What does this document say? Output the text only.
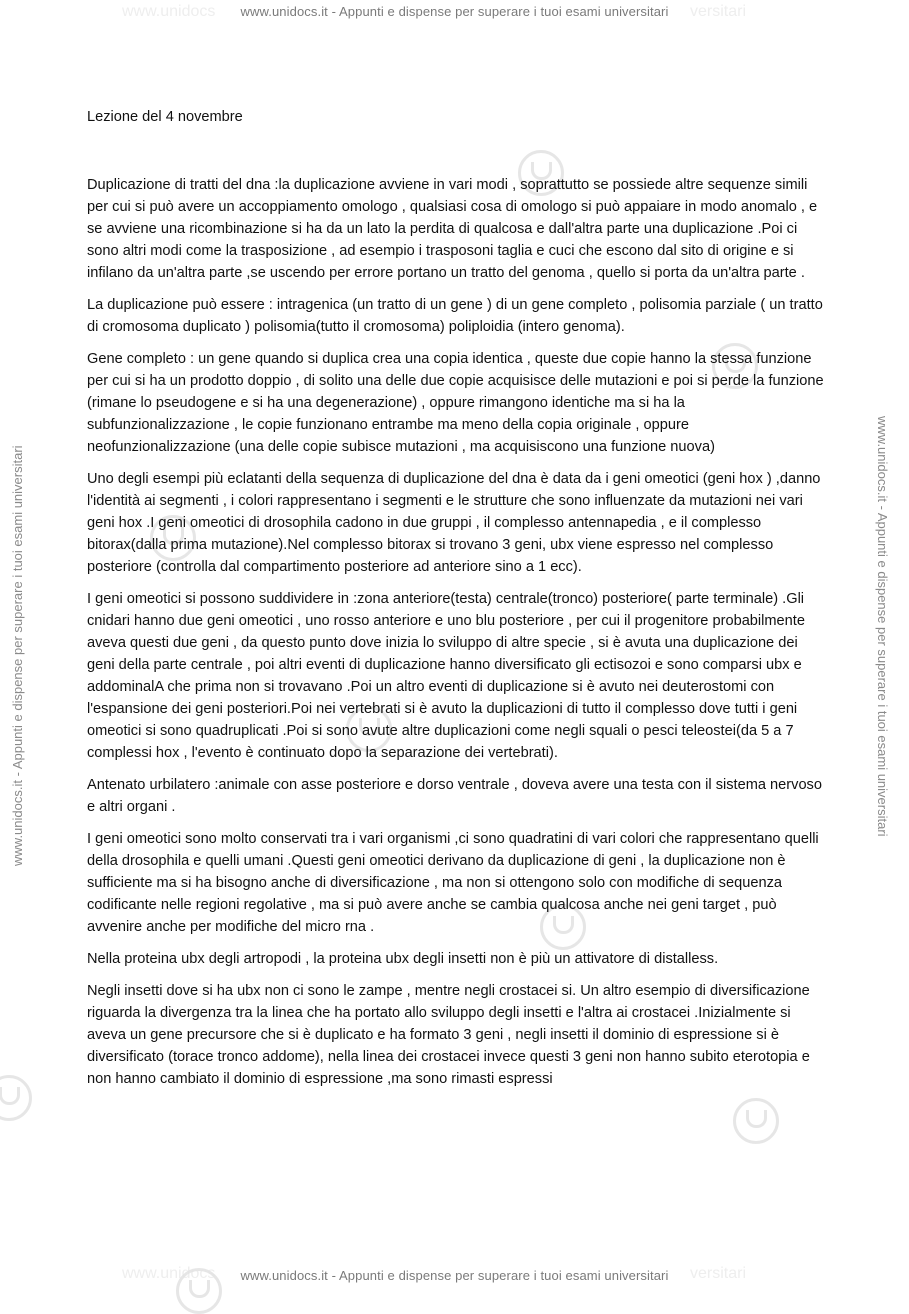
www.unidocs	versitari
www.unidocs	versitari
www.unidocs.it - Appunti e dispense per superare i tuoi esami universitari
www.unidocs.it - Appunti e dispense per superare i tuoi esami universitari	www.unidocs.it - Appunti e dispense per superare i tuoi esami universitari

Lezione del 4 novembre

Duplicazione di tratti del dna :la duplicazione avviene in vari modi , soprattutto se possiede altre sequenze simili per cui si può avere un accoppiamento omologo , qualsiasi cosa di omologo si può appaiare in modo anomalo , e se avviene una ricombinazione si ha da un lato la perdita di qualcosa e dall'altra parte una duplicazione .Poi ci sono altri modi come la trasposizione , ad esempio i trasposoni taglia e cuci che escono dal sito di origine e si infilano da un'altra parte ,se uscendo per errore portano un tratto del genoma , quello si porta da un'altra parte .

La duplicazione può essere : intragenica (un tratto di un gene ) di un gene completo , polisomia parziale ( un tratto di cromosoma duplicato ) polisomia(tutto il cromosoma) poliploidia (intero genoma).

Gene completo : un gene quando si duplica crea una copia identica , queste due copie hanno la stessa funzione per cui si ha un prodotto doppio , di solito una delle due copie acquisisce delle mutazioni e poi si perde la funzione (rimane lo pseudogene e si ha una degenerazione) , oppure rimangono identiche ma si ha la subfunzionalizzazione , le copie funzionano entrambe ma meno della copia originale , oppure neofunzionalizzazione (una delle copie subisce mutazioni , ma acquisiscono una funzione nuova)

Uno degli esempi più eclatanti della sequenza di duplicazione del dna è data da i geni omeotici (geni hox ) ,danno l'identità ai segmenti , i colori rappresentano i segmenti e le strutture che sono influenzate da mutazioni nei vari geni hox .I geni omeotici di drosophila cadono in due gruppi , il complesso antennapedia , e il complesso bitorax(dalla prima mutazione).Nel complesso bitorax si trovano 3 geni, ubx viene espresso nel complesso posteriore (controlla dal compartimento posteriore ad anteriore sino a 1 ecc).

I geni omeotici si possono suddividere in :zona anteriore(testa) centrale(tronco) posteriore( parte terminale) .Gli cnidari hanno due geni omeotici , uno rosso anteriore e uno blu posteriore , per cui il progenitore probabilmente aveva questi due geni , da questo punto dove inizia lo sviluppo di altre specie , si è avuta una duplicazione dei geni della parte centrale , poi altri eventi di duplicazione hanno diversificato gli ectisozoi e sono comparsi ubx e addominalA che prima non si trovavano .Poi un altro eventi di duplicazione si è avuto nei deuterostomi con l'espansione dei geni posteriori.Poi nei vertebrati si è avuto la duplicazioni di tutto il complesso dove tutti i geni omeotici si sono quadruplicati .Poi si sono avute altre duplicazioni come negli squali o pesci teleostei(da 5 a 7 complessi hox , l'evento è continuato dopo la separazione dei vertebrati).

Antenato urbilatero :animale con asse posteriore e dorso ventrale , doveva avere una testa con il sistema nervoso e altri organi .

I geni omeotici sono molto conservati tra i vari organismi ,ci sono quadratini di vari colori che rappresentano quelli della drosophila e quelli umani .Questi geni omeotici derivano da duplicazione di geni , la duplicazione non è sufficiente ma si ha bisogno anche di diversificazione , ma non si ottengono solo con modifiche di sequenza codificante nelle regioni regolative , ma si può avere anche se cambia qualcosa anche nei geni target , può avvenire anche per modifiche del micro rna .

Nella proteina ubx degli artropodi , la proteina ubx degli insetti non è più un attivatore di distalless.

Negli insetti dove si ha ubx non ci sono le zampe , mentre negli crostacei si. Un altro esempio di diversificazione riguarda la divergenza tra la linea che ha portato allo sviluppo degli insetti e l'altra ai crostacei .Inizialmente si aveva un gene precursore che si è duplicato e ha formato 3 geni , negli insetti il dominio di espressione si è diversificato (torace tronco addome), nella linea dei crostacei invece questi 3 geni non hanno subito eterotopia e non hanno cambiato il dominio di espressione ,ma sono rimasti espressi

www.unidocs.it - Appunti e dispense per superare i tuoi esami universitari
